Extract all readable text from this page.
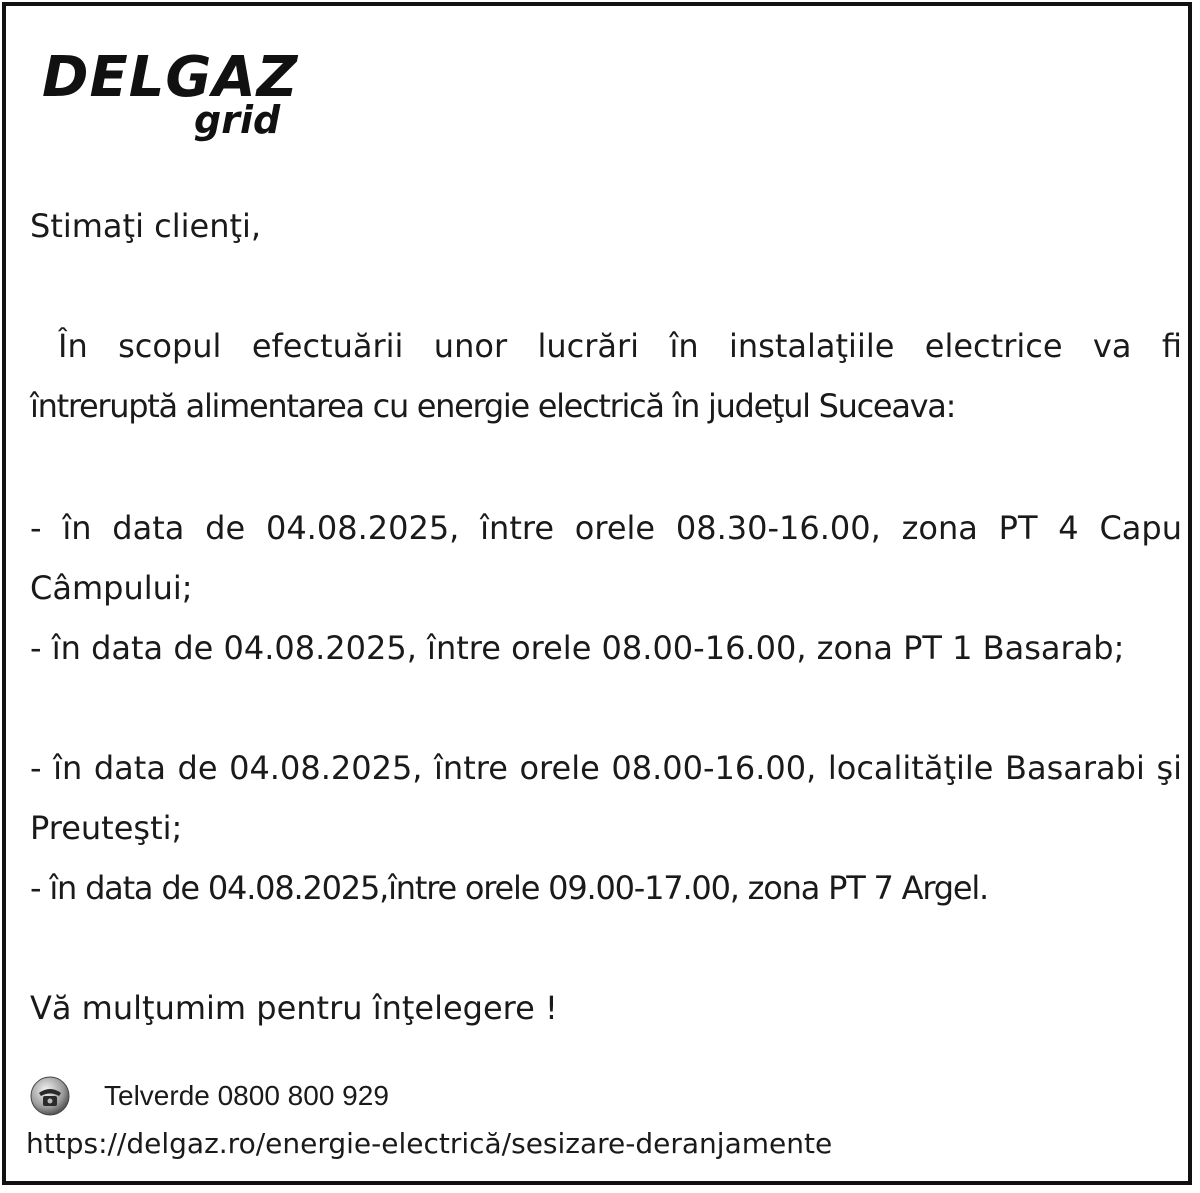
DELGAZ
grid
Stimaţi clienţi,
În scopul efectuării unor lucrări în instalaţiile electrice va fi
întreruptă alimentarea cu energie electrică în judeţul Suceava:
- în data de 04.08.2025, între orele 08.30-16.00, zona PT 4 Capu Câmpului;
- în data de 04.08.2025, între orele 08.00-16.00, zona PT 1 Basarab;
- în data de 04.08.2025, între orele 08.00-16.00, localităţile Basarabi şi Preuteşti;
- în data de 04.08.2025,între orele 09.00-17.00, zona PT 7 Argel.
Vă mulţumim pentru înţelegere !
Telverde 0800 800 929
https://delgaz.ro/energie-electrică/sesizare-deranjamente
